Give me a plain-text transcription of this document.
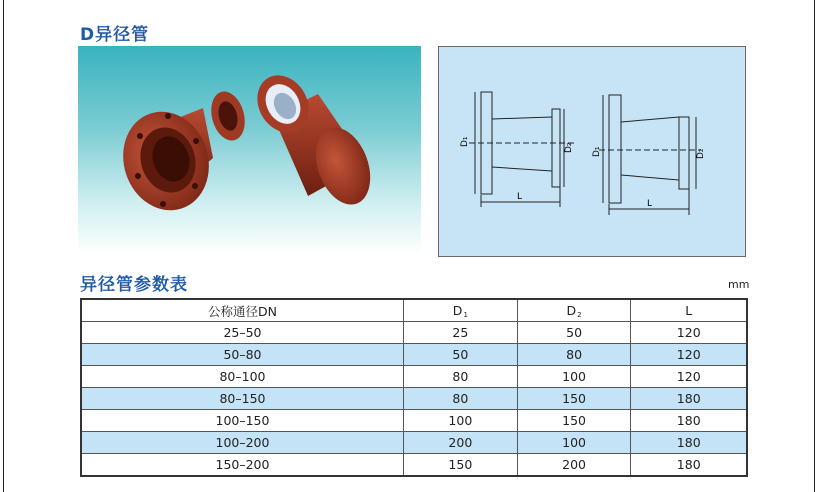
D异径管
D₁
D₂
L
D₁	D₂
L
异径管参数表	mm
公称通径DN	$D_1$	$D_2$	L
25–50	25	50	120
50–80	50	80	120
80–100	80	100	120
80–150	80	150	180
100–150	100	150	180
100–200	200	100	180
150–200	150	200	180
